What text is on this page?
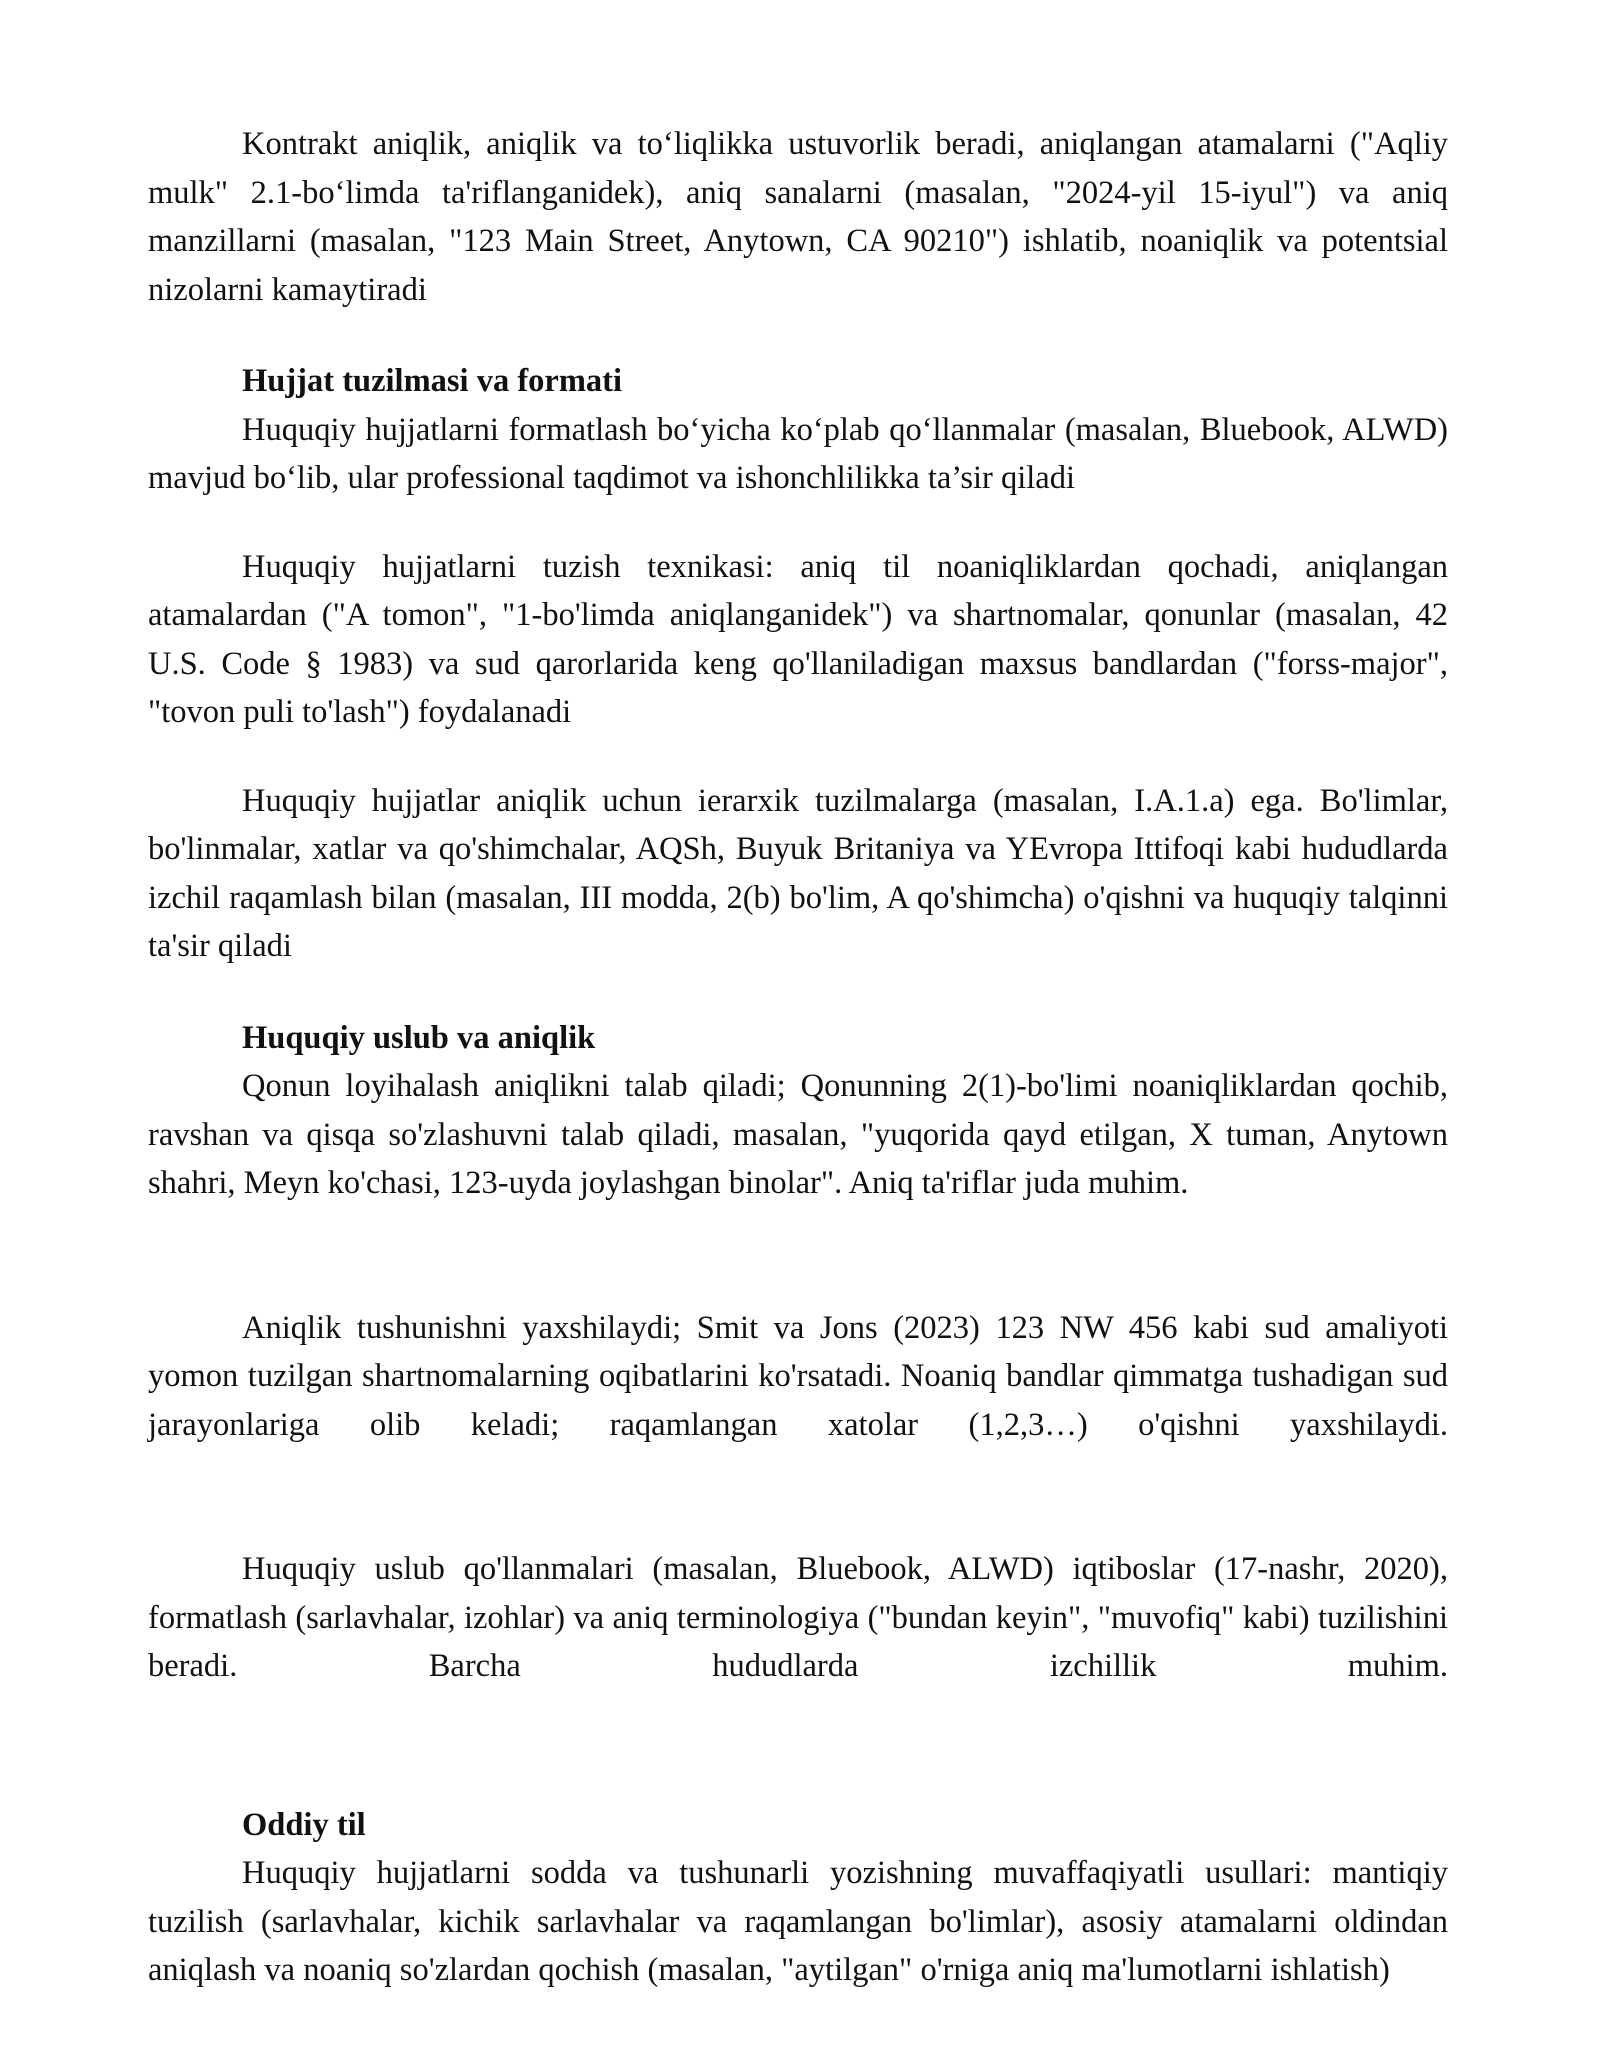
Kontrakt aniqlik, aniqlik va to‘liqlikka ustuvorlik beradi, aniqlangan atamalarni ("Aqliy mulk" 2.1-bo‘limda ta'riflanganidek), aniq sanalarni (masalan, "2024-yil 15-iyul") va aniq manzillarni (masalan, "123 Main Street, Anytown, CA 90210") ishlatib, noaniqlik va potentsial nizolarni kamaytiradi

Hujjat tuzilmasi va formati

Huquqiy hujjatlarni formatlash bo‘yicha ko‘plab qo‘llanmalar (masalan, Bluebook, ALWD) mavjud bo‘lib, ular professional taqdimot va ishonchlilikka ta’sir qiladi

Huquqiy hujjatlarni tuzish texnikasi: aniq til noaniqliklardan qochadi, aniqlangan atamalardan ("A tomon", "1-bo'limda aniqlanganidek") va shartnomalar, qonunlar (masalan, 42 U.S. Code § 1983) va sud qarorlarida keng qo'llaniladigan maxsus bandlardan ("forss-major", "tovon puli to'lash") foydalanadi

Huquqiy hujjatlar aniqlik uchun ierarxik tuzilmalarga (masalan, I.A.1.a) ega. Bo'limlar, bo'linmalar, xatlar va qo'shimchalar, AQSh, Buyuk Britaniya va YEvropa Ittifoqi kabi hududlarda izchil raqamlash bilan (masalan, III modda, 2(b) bo'lim, A qo'shimcha) o'qishni va huquqiy talqinni ta'sir qiladi

Huquqiy uslub va aniqlik

Qonun loyihalash aniqlikni talab qiladi; Qonunning 2(1)-bo'limi noaniqliklardan qochib, ravshan va qisqa so'zlashuvni talab qiladi, masalan, "yuqorida qayd etilgan, X tuman, Anytown shahri, Meyn ko'chasi, 123-uyda joylashgan binolar". Aniq ta'riflar juda muhim.

Aniqlik tushunishni yaxshilaydi; Smit va Jons (2023) 123 NW 456 kabi sud amaliyoti yomon tuzilgan shartnomalarning oqibatlarini ko'rsatadi. Noaniq bandlar qimmatga tushadigan sud jarayonlariga olib keladi; raqamlangan xatolar (1,2,3…) o'qishni yaxshilaydi.

Huquqiy uslub qo'llanmalari (masalan, Bluebook, ALWD) iqtiboslar (17-nashr, 2020), formatlash (sarlavhalar, izohlar) va aniq terminologiya ("bundan keyin", "muvofiq" kabi) tuzilishini beradi. Barcha hududlarda izchillik muhim.

Oddiy til

Huquqiy hujjatlarni sodda va tushunarli yozishning muvaffaqiyatli usullari: mantiqiy tuzilish (sarlavhalar, kichik sarlavhalar va raqamlangan bo'limlar), asosiy atamalarni oldindan aniqlash va noaniq so'zlardan qochish (masalan, "aytilgan" o'rniga aniq ma'lumotlarni ishlatish)
